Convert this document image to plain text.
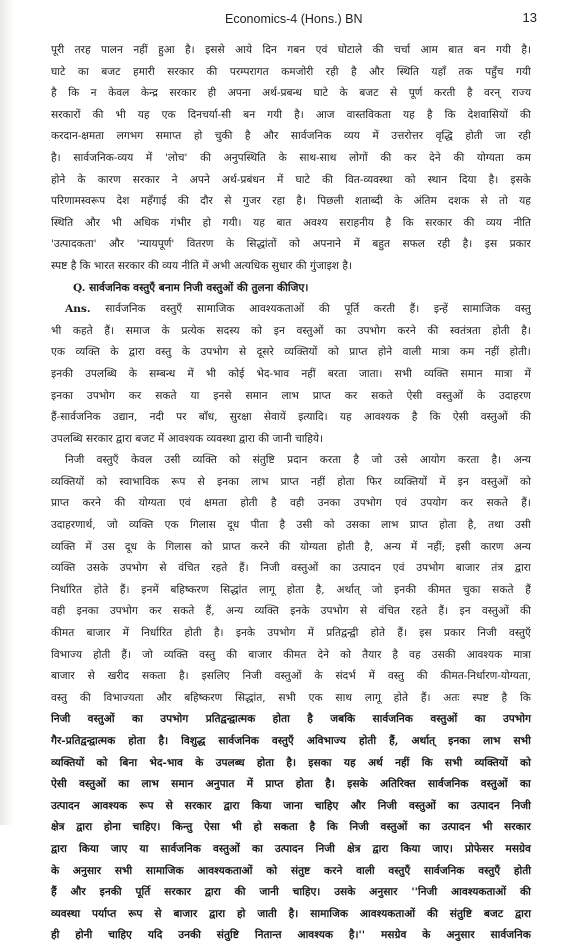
Economics-4 (Hons.) BN	13
पूरी तरह पालन नहीं हुआ है। इससे आये दिन गबन एवं घोटाले की चर्चा आम बात बन गयी है।
घाटे का बजट हमारी सरकार की परम्परागत कमजोरी रही है और स्थिति यहाँ तक पहुँच गयी
है कि न केवल केन्द्र सरकार ही अपना अर्थ-प्रबन्ध घाटे के बजट से पूर्ण करती है वरन् राज्य
सरकारों की भी यह एक दिनचर्या-सी बन गयी है। आज वास्तविकता यह है कि देशवासियों की
करदान-क्षमता लगभग समाप्त हो चुकी है और सार्वजनिक व्यय में उत्तरोत्तर वृद्धि होती जा रही
है। सार्वजनिक-व्यय में 'लोच' की अनुपस्थिति के साथ-साथ लोगों की कर देने की योग्यता कम
होने के कारण सरकार ने अपने अर्थ-प्रबंधन में घाटे की वित-व्यवस्था को स्थान दिया है। इसके
परिणामस्वरूप देश महँगाई की दौर से गुजर रहा है। पिछली शताब्दी के अंतिम दशक से तो यह
स्थिति और भी अधिक गंभीर हो गयी। यह बात अवश्य सराहनीय है कि सरकार की व्यय नीति
'उत्पादकता' और 'न्यायपूर्ण' वितरण के सिद्धांतों को अपनाने में बहुत सफल रही है। इस प्रकार
स्पष्ट है कि भारत सरकार की व्यय नीति में अभी अत्यधिक सुधार की गुंजाइश है।
Q. सार्वजनिक वस्तुएँ बनाम निजी वस्तुओं की तुलना कीजिए।
Ans. सार्वजनिक वस्तुएँ सामाजिक आवश्यकताओं की पूर्ति करती हैं। इन्हें सामाजिक वस्तु
भी कहते हैं। समाज के प्रत्येक सदस्य को इन वस्तुओं का उपभोग करने की स्वतंत्रता होती है।
एक व्यक्ति के द्वारा वस्तु के उपभोग से दूसरे व्यक्तियों को प्राप्त होने वाली मात्रा कम नहीं होती।
इनकी उपलब्धि के सम्बन्ध में भी कोई भेद-भाव नहीं बरता जाता। सभी व्यक्ति समान मात्रा में
इनका उपभोग कर सकते या इनसे समान लाभ प्राप्त कर सकते ऐसी वस्तुओं के उदाहरण
हैं-सार्वजनिक उद्यान, नदी पर बाँध, सुरक्षा सेवायें इत्यादि। यह आवश्यक है कि ऐसी वस्तुओं की
उपलब्धि सरकार द्वारा बजट में आवश्यक व्यवस्था द्वारा की जानी चाहिये।
निजी वस्तुएँ केवल उसी व्यक्ति को संतुष्टि प्रदान करता है जो उसे आयोग करता है। अन्य
व्यक्तियों को स्वाभाविक रूप से इनका लाभ प्राप्त नहीं होता फिर व्यक्तियों में इन वस्तुओं को
प्राप्त करने की योग्यता एवं क्षमता होती है वही उनका उपभोग एवं उपयोग कर सकते हैं।
उदाहरणार्थ, जो व्यक्ति एक गिलास दूध पीता है उसी को उसका लाभ प्राप्त होता है, तथा उसी
व्यक्ति में उस दूध के गिलास को प्राप्त करने की योग्यता होती है, अन्य में नहीं; इसी कारण अन्य
व्यक्ति उसके उपभोग से वंचित रहते हैं। निजी वस्तुओं का उत्पादन एवं उपभोग बाजार तंत्र द्वारा
निर्धारित होते हैं। इनमें बहिष्करण सिद्धांत लागू होता है, अर्थात् जो इनकी कीमत चुका सकते हैं
वही इनका उपभोग कर सकते हैं, अन्य व्यक्ति इनके उपभोग से वंचित रहते हैं। इन वस्तुओं की
कीमत बाजार में निर्धारित होती है। इनके उपभोग में प्रतिद्वन्द्वी होते हैं। इस प्रकार निजी वस्तुएँ
विभाज्य होती हैं। जो व्यक्ति वस्तु की बाजार कीमत देने को तैयार है वह उसकी आवश्यक मात्रा
बाजार से खरीद सकता है। इसलिए निजी वस्तुओं के संदर्भ में वस्तु की कीमत-निर्धारण-योग्यता,
वस्तु की विभाज्यता और बहिष्करण सिद्धांत, सभी एक साथ लागू होते हैं। अतः स्पष्ट है कि
निजी वस्तुओं का उपभोग प्रतिद्वन्द्वात्मक होता है जबकि सार्वजनिक वस्तुओं का उपभोग
गैर-प्रतिद्वन्द्वात्मक होता है। विशुद्ध सार्वजनिक वस्तुएँ अविभाज्य होती हैं, अर्थात् इनका लाभ सभी
व्यक्तियों को बिना भेद-भाव के उपलब्ध होता है। इसका यह अर्थ नहीं कि सभी व्यक्तियों को
ऐसी वस्तुओं का लाभ समान अनुपात में प्राप्त होता है। इसके अतिरिक्त सार्वजनिक वस्तुओं का
उत्पादन आवश्यक रूप से सरकार द्वारा किया जाना चाहिए और निजी वस्तुओं का उत्पादन निजी
क्षेत्र द्वारा होना चाहिए। किन्तु ऐसा भी हो सकता है कि निजी वस्तुओं का उत्पादन भी सरकार
द्वारा किया जाए या सार्वजनिक वस्तुओं का उत्पादन निजी क्षेत्र द्वारा किया जाए। प्रोफेसर मसग्रेव
के अनुसार सभी सामाजिक आवश्यकताओं को संतुष्ट करने वाली वस्तुएँ सार्वजनिक वस्तुएँ होती
हैं और इनकी पूर्ति सरकार द्वारा की जानी चाहिए। उसके अनुसार ''निजी आवश्यकताओं की
व्यवस्था पर्याप्त रूप से बाजार द्वारा हो जाती है। सामाजिक आवश्यकताओं की संतुष्टि बजट द्वारा
ही होनी चाहिए यदि उनकी संतुष्टि नितान्त आवश्यक है।'' मसग्रेव के अनुसार सार्वजनिक
